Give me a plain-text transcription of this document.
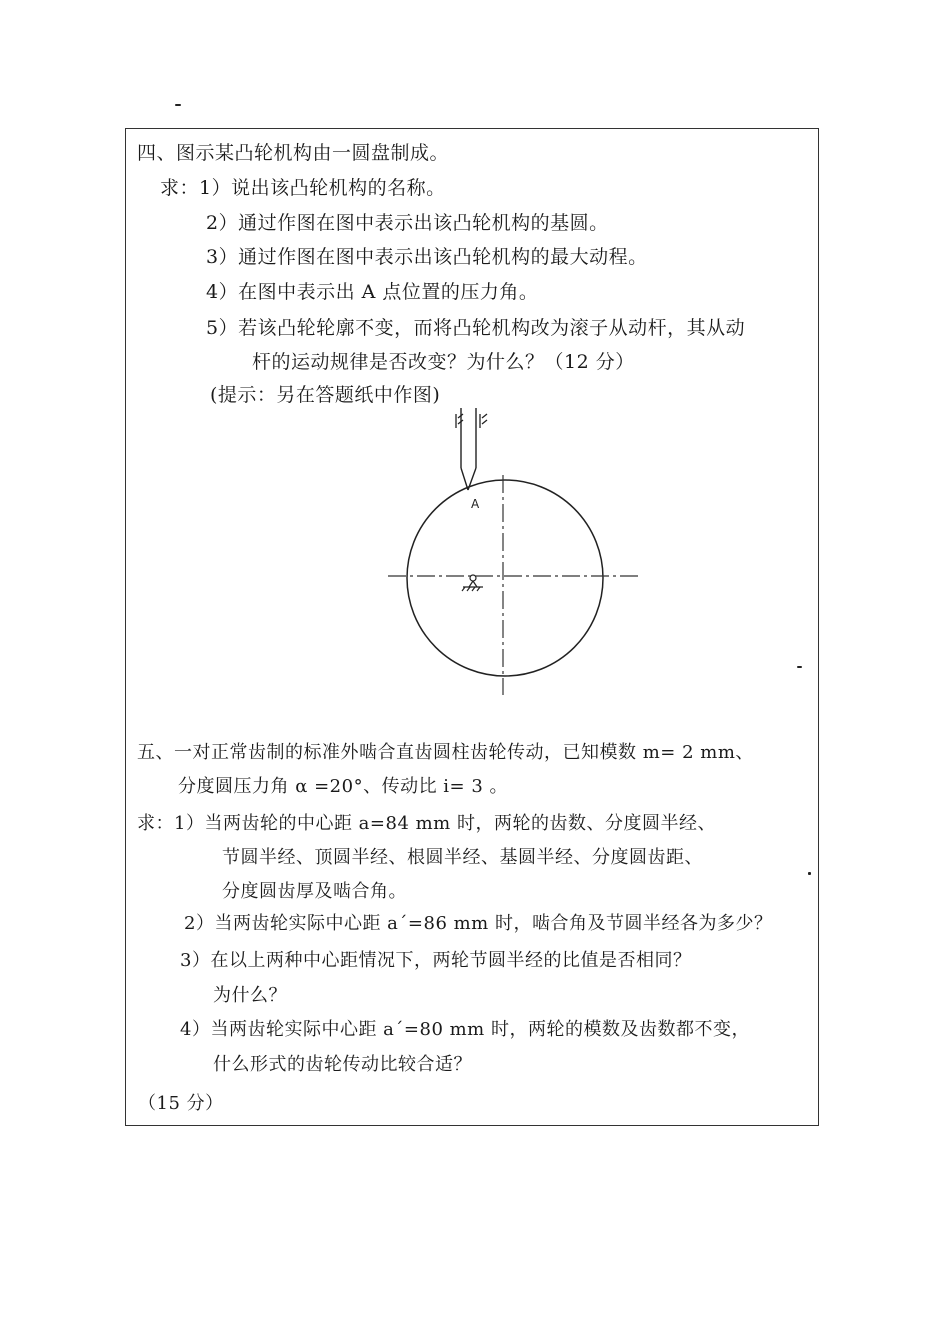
四、图示某凸轮机构由一圆盘制成。
求：1）说出该凸轮机构的名称。
2）通过作图在图中表示出该凸轮机构的基圆。
3）通过作图在图中表示出该凸轮机构的最大动程。
4）在图中表示出 A 点位置的压力角。
5）若该凸轮轮廓不变，而将凸轮机构改为滚子从动杆，其从动
杆的运动规律是否改变？为什么？（12 分）
(提示：另在答题纸中作图)
A
五、一对正常齿制的标准外啮合直齿圆柱齿轮传动，已知模数 m= 2 mm、
分度圆压力角 α =20°、传动比 i= 3 。
求：1）当两齿轮的中心距 a=84 mm 时，两轮的齿数、分度圆半经、
节圆半经、顶圆半经、根圆半经、基圆半经、分度圆齿距、
分度圆齿厚及啮合角。
2）当两齿轮实际中心距 a´=86 mm 时，啮合角及节圆半经各为多少？
3）在以上两种中心距情况下，两轮节圆半经的比值是否相同？
为什么？
4）当两齿轮实际中心距 a´=80 mm 时，两轮的模数及齿数都不变，
什么形式的齿轮传动比较合适？
（15 分）
